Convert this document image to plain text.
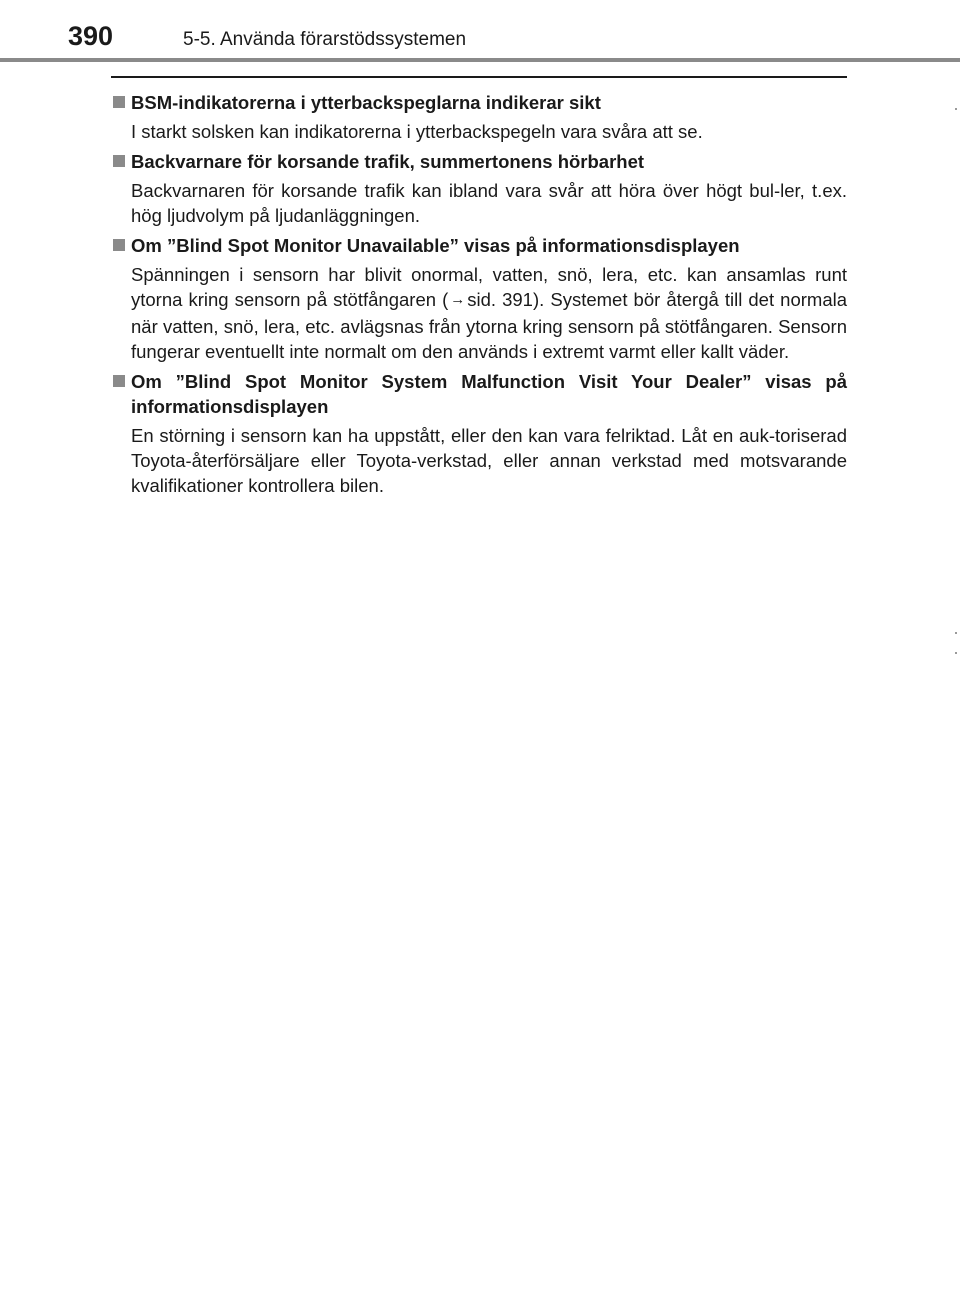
390	5-5. Använda förarstödssystemen
BSM-indikatorerna i ytterbackspeglarna indikerar sikt

I starkt solsken kan indikatorerna i ytterbackspegeln vara svåra att se.

Backvarnare för korsande trafik, summertonens hörbarhet

Backvarnaren för korsande trafik kan ibland vara svår att höra över högt bul-ler, t.ex. hög ljudvolym på ljudanläggningen.

Om ”Blind Spot Monitor Unavailable” visas på informationsdisplayen

Spänningen i sensorn har blivit onormal, vatten, snö, lera, etc. kan ansamlas runt ytorna kring sensorn på stötfångaren ( → sid. 391). Systemet bör återgå till det normala när vatten, snö, lera, etc. avlägsnas från ytorna kring sensorn på stötfångaren. Sensorn fungerar eventuellt inte normalt om den används i extremt varmt eller kallt väder.

Om ”Blind Spot Monitor System Malfunction Visit Your Dealer” visas på informationsdisplayen

En störning i sensorn kan ha uppstått, eller den kan vara felriktad. Låt en auk-toriserad Toyota-återförsäljare eller Toyota-verkstad, eller annan verkstad med motsvarande kvalifikationer kontrollera bilen.
